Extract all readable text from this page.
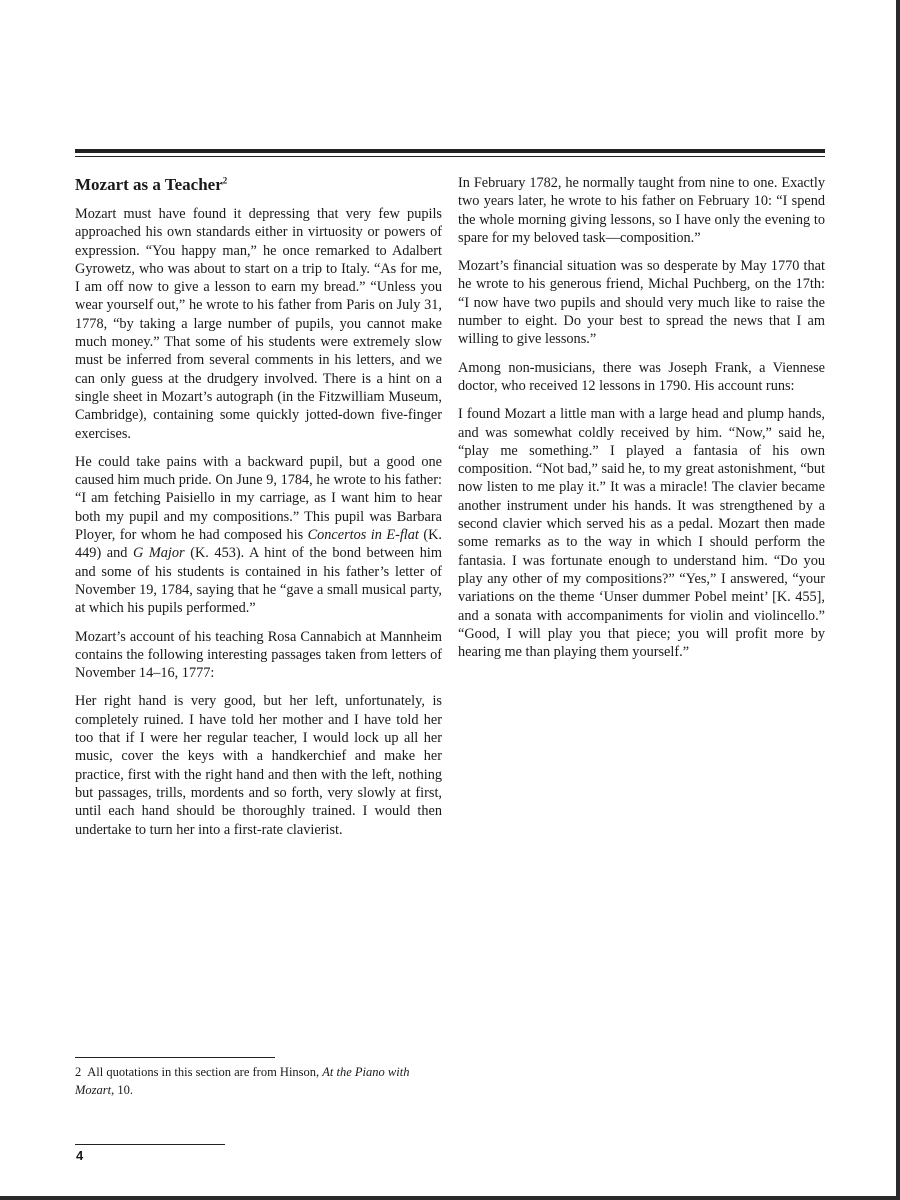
Mozart as a Teacher$^2$

Mozart must have found it depressing that very few pupils approached his own standards either in virtuosity or powers of expression. “You happy man,” he once remarked to Adalbert Gyrowetz, who was about to start on a trip to Italy. “As for me, I am off now to give a lesson to earn my bread.” “Unless you wear yourself out,” he wrote to his father from Paris on July 31, 1778, “by taking a large number of pupils, you cannot make much money.” That some of his students were extremely slow must be inferred from several comments in his letters, and we can only guess at the drudgery involved. There is a hint on a single sheet in Mozart’s autograph (in the Fitzwilliam Museum, Cambridge), containing some quickly jotted-down five-finger exercises.

He could take pains with a backward pupil, but a good one caused him much pride. On June 9, 1784, he wrote to his father: “I am fetching Paisiello in my carriage, as I want him to hear both my pupil and my compositions.” This pupil was Barbara Ployer, for whom he had composed his Concertos in E-flat (K. 449) and G Major (K. 453). A hint of the bond between him and some of his students is contained in his father’s letter of November 19, 1784, saying that he “gave a small musical party, at which his pupils performed.”

Mozart’s account of his teaching Rosa Cannabich at Mannheim contains the following interesting passages taken from letters of November 14–16, 1777:

Her right hand is very good, but her left, unfortunately, is completely ruined. I have told her mother and I have told her too that if I were her regular teacher, I would lock up all her music, cover the keys with a handkerchief and make her practice, first with the right hand and then with the left, nothing but passages, trills, mordents and so forth, very slowly at first, until each hand should be thoroughly trained. I would then undertake to turn her into a first-rate clavierist.

In February 1782, he normally taught from nine to one. Exactly two years later, he wrote to his father on February 10: “I spend the whole morning giving lessons, so I have only the evening to spare for my beloved task—composition.”

Mozart’s financial situation was so desperate by May 1770 that he wrote to his generous friend, Michal Puchberg, on the 17th: “I now have two pupils and should very much like to raise the number to eight. Do your best to spread the news that I am willing to give lessons.”

Among non-musicians, there was Joseph Frank, a Viennese doctor, who received 12 lessons in 1790. His account runs:

I found Mozart a little man with a large head and plump hands, and was somewhat coldly received by him. “Now,” said he, “play me something.” I played a fantasia of his own composition. “Not bad,” said he, to my great astonishment, “but now listen to me play it.” It was a miracle! The clavier became another instrument under his hands. It was strengthened by a second clavier which served his as a pedal. Mozart then made some remarks as to the way in which I should perform the fantasia. I was fortunate enough to understand him. “Do you play any other of my compositions?” “Yes,” I answered, “your variations on the theme ‘Unser dummer Pobel meint’ [K. 455], and a sonata with accompaniments for violin and violincello.” “Good, I will play you that piece; you will profit more by hearing me than playing them yourself.”

2 All quotations in this section are from Hinson, At the Piano with Mozart, 10.
4
